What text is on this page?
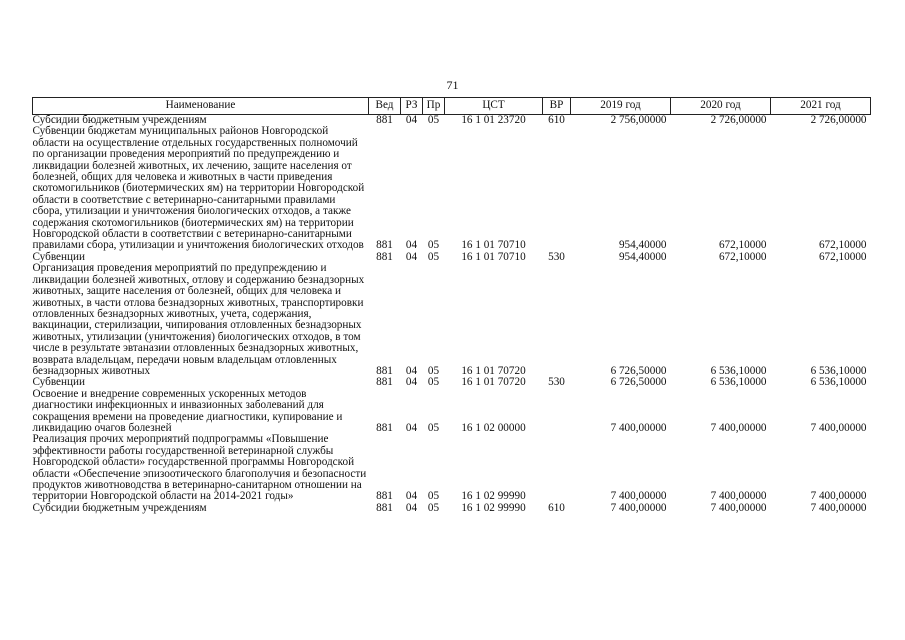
71
Наименование	Вед	РЗ	Пр	ЦСТ	ВР	2019 год	2020 год	2021 год
Субсидии бюджетным учреждениям	881	04	05	16 1 01 23720	610	2 756,00000	2 726,00000	2 726,00000
Субвенции бюджетам муниципальных районов Новгородской области на осуществление отдельных государственных полномочий по организации проведения мероприятий по предупреждению и ликвидации болезней животных, их лечению, защите населения от болезней, общих для человека и животных в части приведения скотомогильников (биотермических ям) на территории Новгородской области в соответствие с ветеринарно-санитарными правилами сбора, утилизации и уничтожения биологических отходов, а также содержания скотомогильников (биотермических ям) на территории Новгородской области в соответствии с ветеринарно-санитарными правилами сбора, утилизации и уничтожения биологических отходов	881	04	05	16 1 01 70710		954,40000	672,10000	672,10000
Субвенции	881	04	05	16 1 01 70710	530	954,40000	672,10000	672,10000
Организация проведения мероприятий по предупреждению и ликвидации болезней животных, отлову и содержанию безнадзорных животных, защите населения от болезней, общих для человека и животных, в части отлова безнадзорных животных, транспортировки отловленных безнадзорных животных, учета, содержания, вакцинации, стерилизации, чипирования отловленных безнадзорных животных, утилизации (уничтожения) биологических отходов, в том числе в результате эвтаназии отловленных безнадзорных животных, возврата владельцам, передачи новым владельцам отловленных безнадзорных животных	881	04	05	16 1 01 70720		6 726,50000	6 536,10000	6 536,10000
Субвенции	881	04	05	16 1 01 70720	530	6 726,50000	6 536,10000	6 536,10000
Освоение и внедрение современных ускоренных методов диагностики инфекционных и инвазионных заболеваний для сокращения времени на проведение диагностики, купирование и ликвидацию очагов болезней	881	04	05	16 1 02 00000		7 400,00000	7 400,00000	7 400,00000
Реализация прочих мероприятий подпрограммы «Повышение эффективности работы государственной ветеринарной службы Новгородской области» государственной программы Новгородской области «Обеспечение эпизоотического благополучия и безопасности продуктов животноводства в ветеринарно-санитарном отношении на территории Новгородской области на 2014-2021 годы»	881	04	05	16 1 02 99990		7 400,00000	7 400,00000	7 400,00000
Субсидии бюджетным учреждениям	881	04	05	16 1 02 99990	610	7 400,00000	7 400,00000	7 400,00000
